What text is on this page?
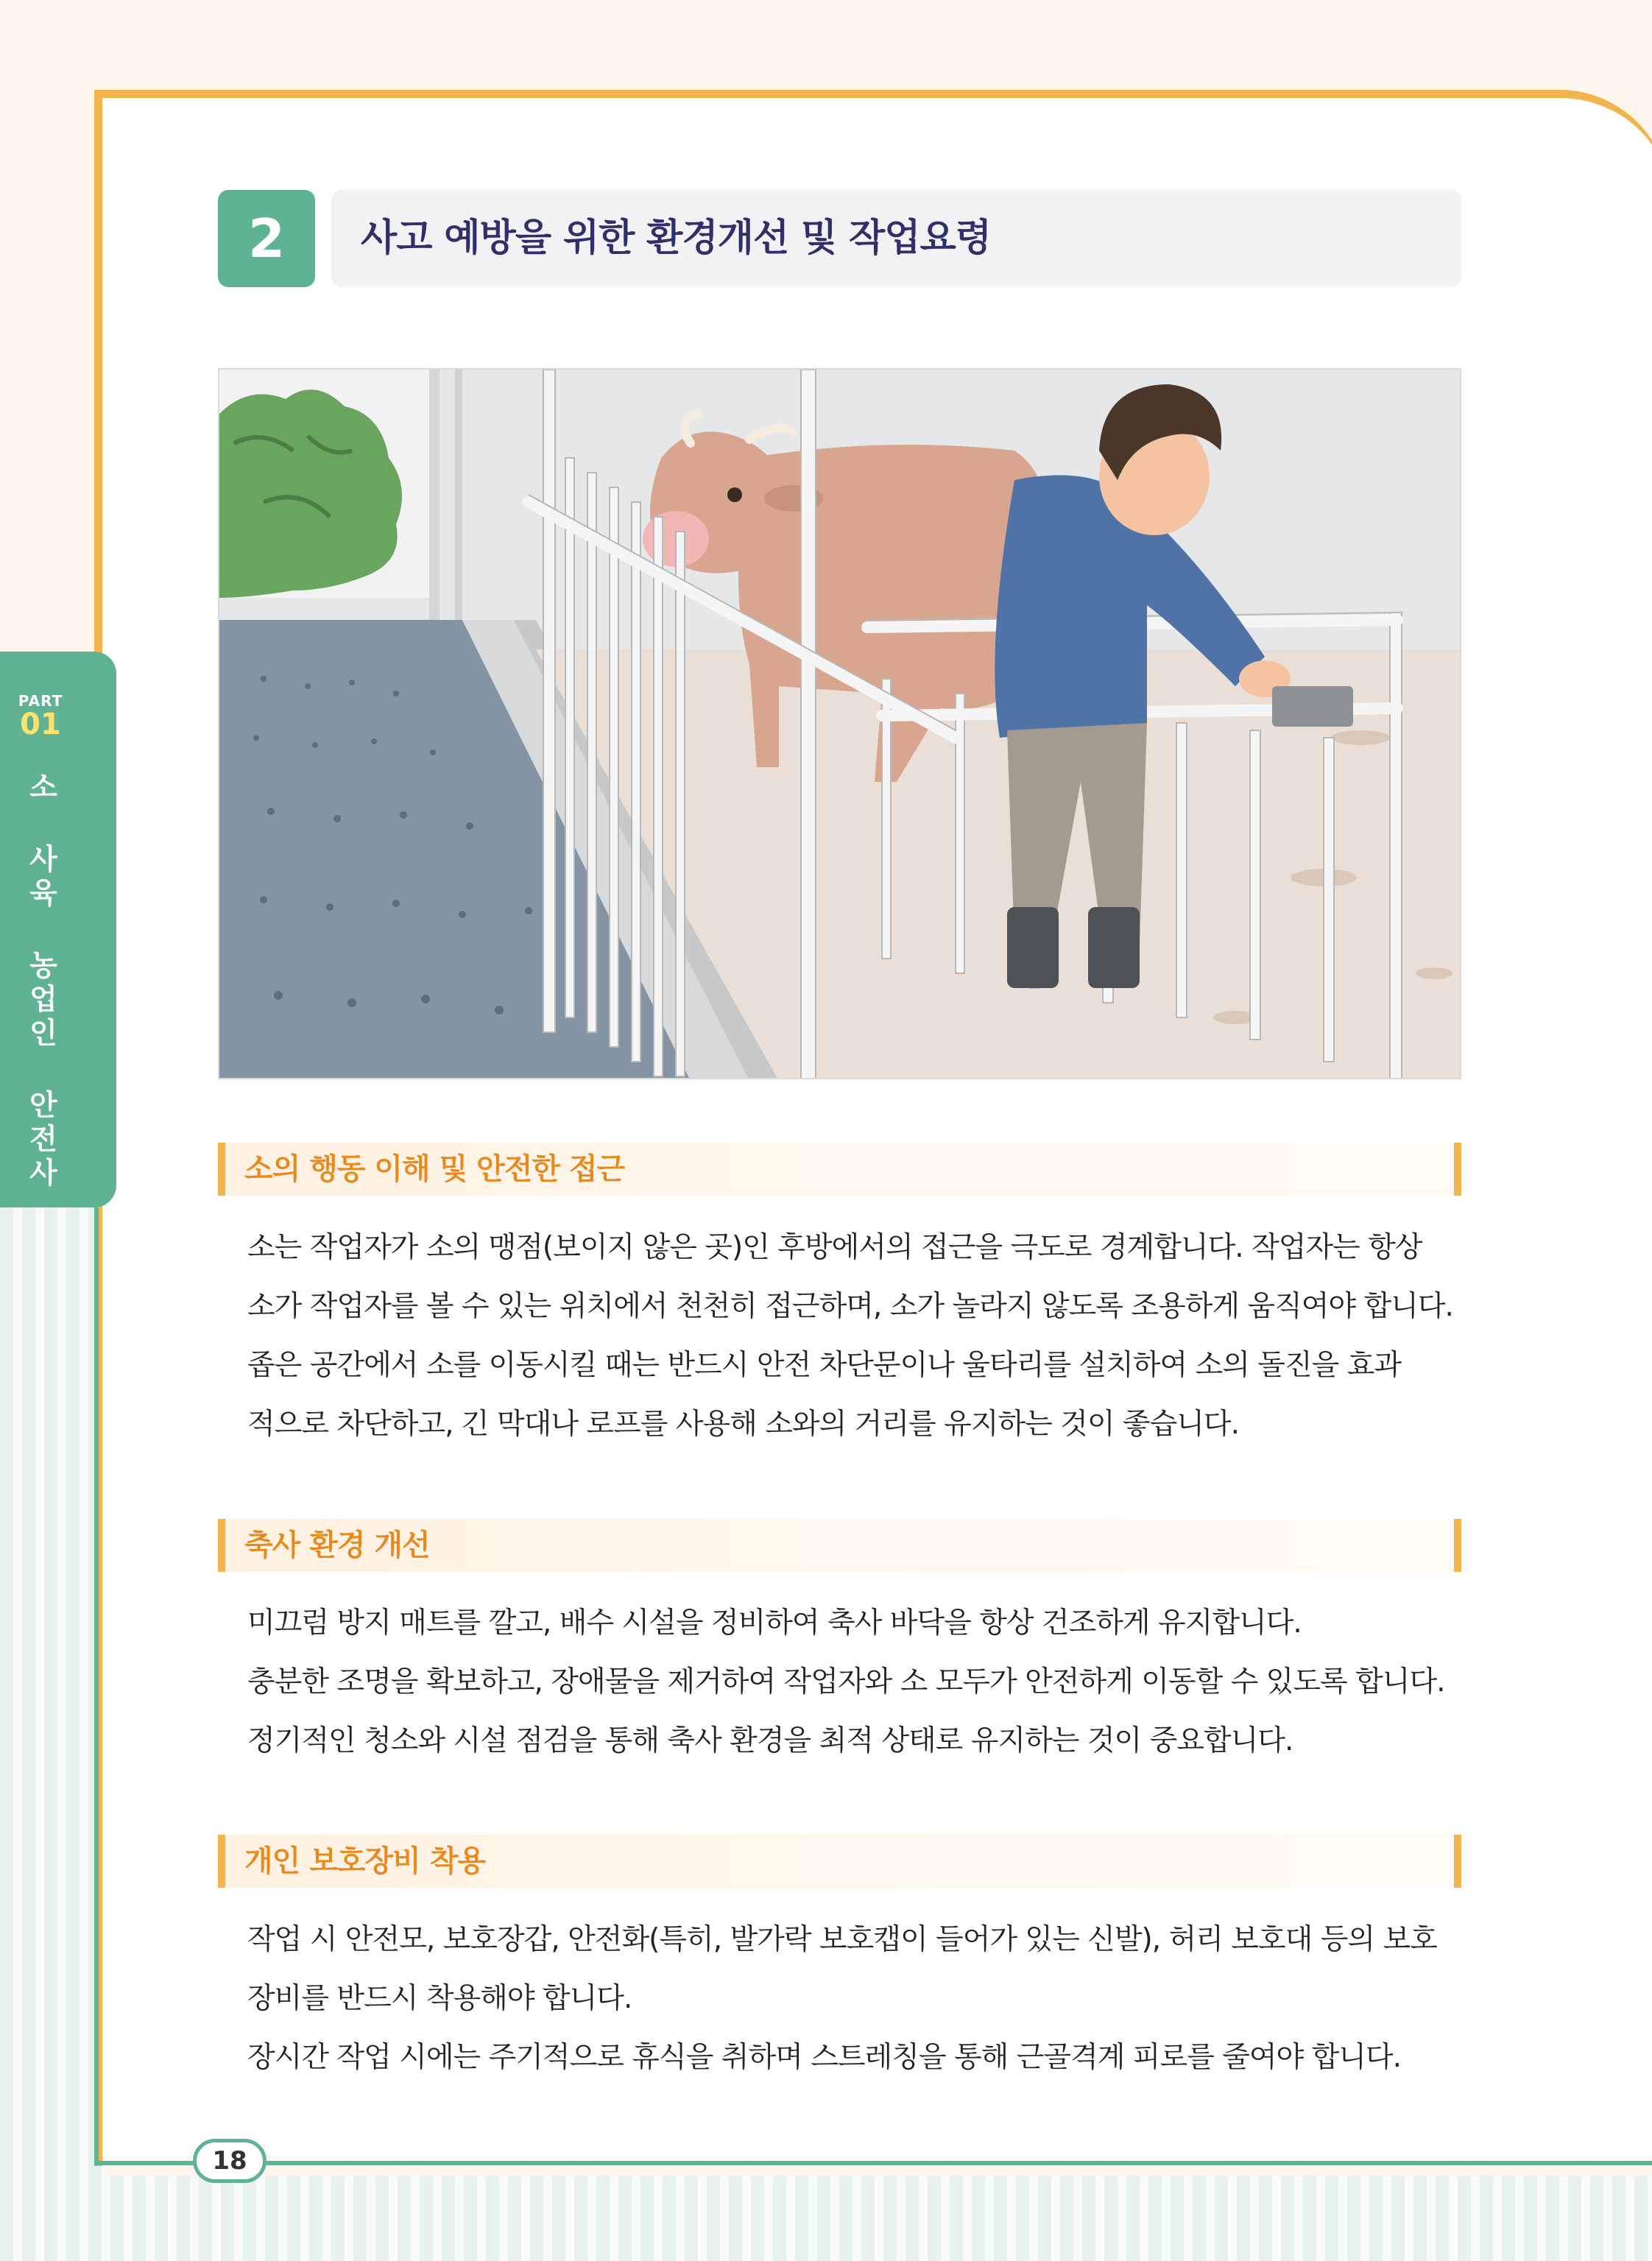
PART
01
소 사육 농업인 안전사
2	사고 예방을 위한 환경개선 및 작업요령
소의 행동 이해 및 안전한 접근

소는 작업자가 소의 맹점(보이지 않은 곳)인 후방에서의 접근을 극도로 경계합니다. 작업자는 항상

소가 작업자를 볼 수 있는 위치에서 천천히 접근하며, 소가 놀라지 않도록 조용하게 움직여야 합니다.

좁은 공간에서 소를 이동시킬 때는 반드시 안전 차단문이나 울타리를 설치하여 소의 돌진을 효과

적으로 차단하고, 긴 막대나 로프를 사용해 소와의 거리를 유지하는 것이 좋습니다.

축사 환경 개선

미끄럼 방지 매트를 깔고, 배수 시설을 정비하여 축사 바닥을 항상 건조하게 유지합니다.

충분한 조명을 확보하고, 장애물을 제거하여 작업자와 소 모두가 안전하게 이동할 수 있도록 합니다.

정기적인 청소와 시설 점검을 통해 축사 환경을 최적 상태로 유지하는 것이 중요합니다.

개인 보호장비 착용

작업 시 안전모, 보호장갑, 안전화(특히, 발가락 보호캡이 들어가 있는 신발), 허리 보호대 등의 보호

장비를 반드시 착용해야 합니다.

장시간 작업 시에는 주기적으로 휴식을 취하며 스트레칭을 통해 근골격계 피로를 줄여야 합니다.

18
